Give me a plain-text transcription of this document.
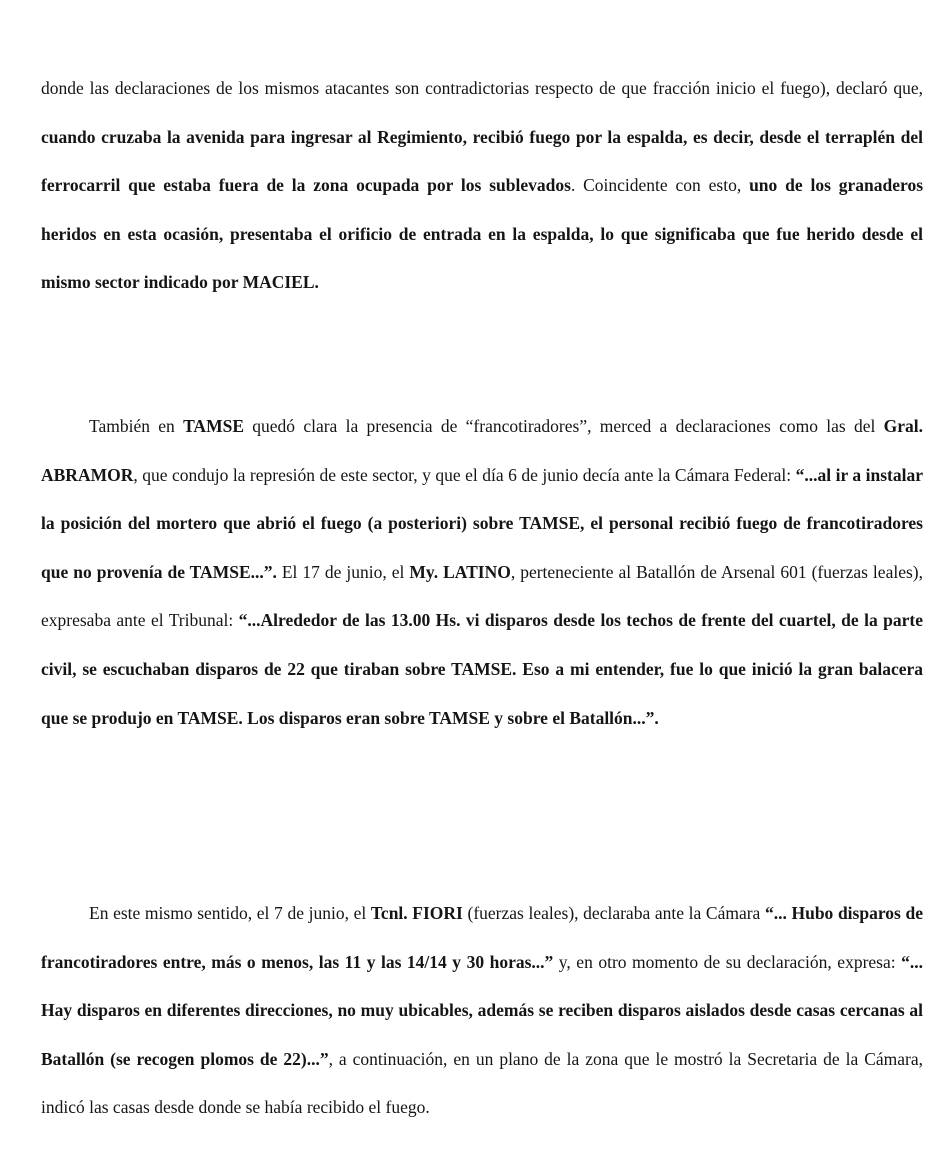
donde las declaraciones de los mismos atacantes son contradictorias respecto de que fracción inicio el fuego), declaró que, cuando cruzaba la avenida para ingresar al Regimiento, recibió fuego por la espalda, es decir, desde el terraplén del ferrocarril que estaba fuera de la zona ocupada por los sublevados. Coincidente con esto, uno de los granaderos heridos en esta ocasión, presentaba el orificio de entrada en la espalda, lo que significaba que fue herido desde el mismo sector indicado por MACIEL.

También en TAMSE quedó clara la presencia de “francotiradores”, merced a declaraciones como las del Gral. ABRAMOR, que condujo la represión de este sector, y que el día 6 de junio decía ante la Cámara Federal: “...al ir a instalar la posición del mortero que abrió el fuego (a posteriori) sobre TAMSE, el personal recibió fuego de francotiradores que no provenía de TAMSE...”. El 17 de junio, el My. LATINO, perteneciente al Batallón de Arsenal 601 (fuerzas leales), expresaba ante el Tribunal: “...Alrededor de las 13.00 Hs. vi disparos desde los techos de frente del cuartel, de la parte civil, se escuchaban disparos de 22 que tiraban sobre TAMSE. Eso a mi entender, fue lo que inició la gran balacera que se produjo en TAMSE. Los disparos eran sobre TAMSE y sobre el Batallón...”.

En este mismo sentido, el 7 de junio, el Tcnl. FIORI (fuerzas leales), declaraba ante la Cámara “... Hubo disparos de francotiradores entre, más o menos, las 11 y las 14/14 y 30 horas...” y, en otro momento de su declaración, expresa: “... Hay disparos en diferentes direcciones, no muy ubicables, además se reciben disparos aislados desde casas cercanas al Batallón (se recogen plomos de 22)...”, a continuación, en un plano de la zona que le mostró la Secretaria de la Cámara, indicó las casas desde donde se había recibido el fuego.
